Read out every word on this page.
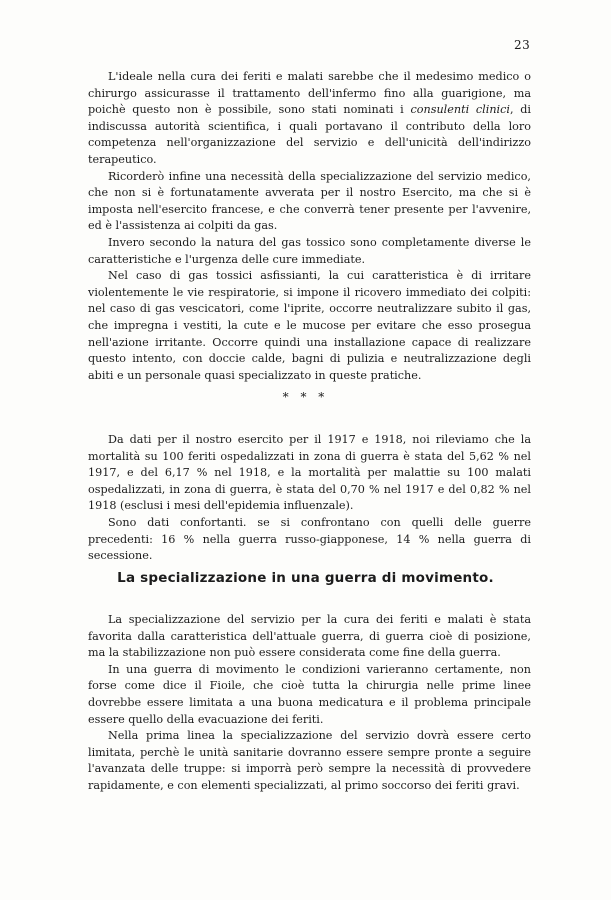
23

L'ideale nella cura dei feriti e malati sarebbe che il medesimo medico o chirurgo assicurasse il trattamento dell'infermo fino alla guarigione, ma poichè questo non è possibile, sono stati nominati i consulenti clinici, di indiscussa autorità scientifica, i quali portavano il contributo della loro competenza nell'organizzazione del servizio e dell'unicità dell'indirizzo terapeutico.

Ricorderò infine una necessità della specializzazione del servizio medico, che non si è fortunatamente avverata per il nostro Esercito, ma che si è imposta nell'esercito francese, e che converrà tener presente per l'avvenire, ed è l'assistenza ai colpiti da gas.

Invero secondo la natura del gas tossico sono completamente diverse le caratteristiche e l'urgenza delle cure immediate.

Nel caso di gas tossici asfissianti, la cui caratteristica è di irritare violentemente le vie respiratorie, si impone il ricovero immediato dei colpiti: nel caso di gas vescicatori, come l'iprite, occorre neutralizzare subito il gas, che impregna i vestiti, la cute e le mucose per evitare che esso prosegua nell'azione irritante. Occorre quindi una installazione capace di realizzare questo intento, con doccie calde, bagni di pulizia e neutralizzazione degli abiti e un personale quasi specializzato in queste pratiche.

* * *

Da dati per il nostro esercito per il 1917 e 1918, noi rileviamo che la mortalità su 100 feriti ospedalizzati in zona di guerra è stata del 5,62 % nel 1917, e del 6,17 % nel 1918, e la mortalità per malattie su 100 malati ospedalizzati, in zona di guerra, è stata del 0,70 % nel 1917 e del 0,82 % nel 1918 (esclusi i mesi dell'epidemia influenzale).

Sono dati confortanti. se si confrontano con quelli delle guerre precedenti: 16 % nella guerra russo-giapponese, 14 % nella guerra di secessione.

La specializzazione in una guerra di movimento.

La specializzazione del servizio per la cura dei feriti e malati è stata favorita dalla caratteristica dell'attuale guerra, di guerra cioè di posizione, ma la stabilizzazione non può essere considerata come fine della guerra.

In una guerra di movimento le condizioni varieranno certamente, non forse come dice il Fioile, che cioè tutta la chirurgia nelle prime linee dovrebbe essere limitata a una buona medicatura e il problema principale essere quello della evacuazione dei feriti.

Nella prima linea la specializzazione del servizio dovrà essere certo limitata, perchè le unità sanitarie dovranno essere sempre pronte a seguire l'avanzata delle truppe: si imporrà però sempre la necessità di provvedere rapidamente, e con elementi specializzati, al primo soccorso dei feriti gravi.
